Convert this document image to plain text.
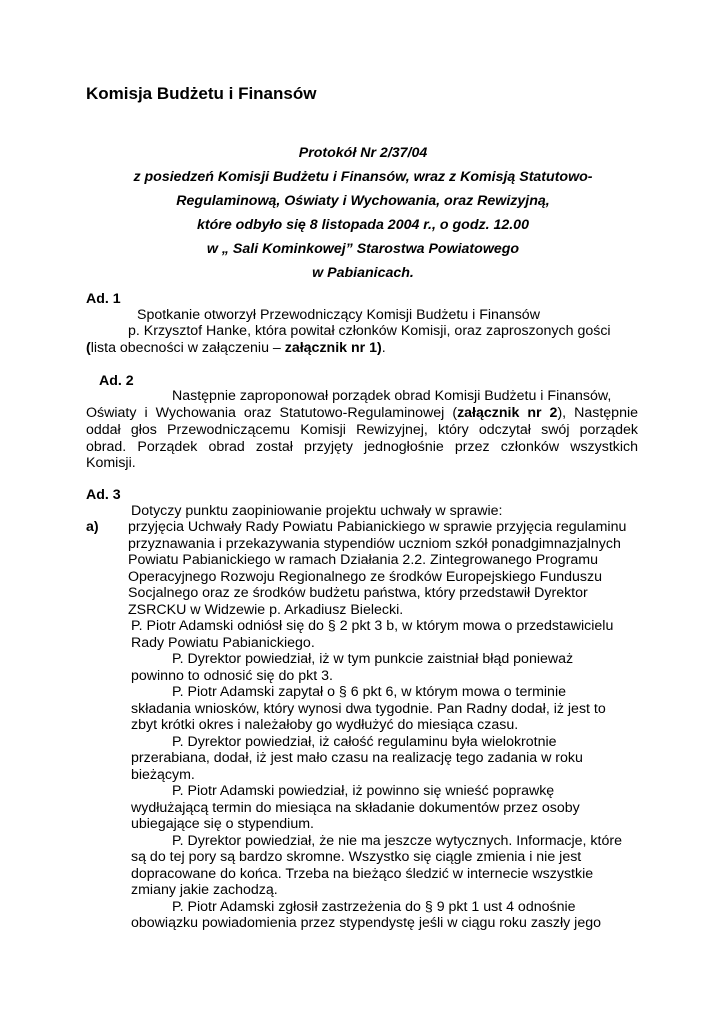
Komisja Budżetu i Finansów
Protokół Nr 2/37/04
z posiedzeń Komisji Budżetu i Finansów, wraz z Komisją Statutowo-
Regulaminową, Oświaty i Wychowania, oraz Rewizyjną,
które odbyło się 8 listopada 2004 r., o godz. 12.00
w „ Sali Kominkowej” Starostwa Powiatowego
w Pabianicach.
Ad. 1
Spotkanie otworzył Przewodniczący Komisji Budżetu i Finansów
p. Krzysztof Hanke, która powitał członków Komisji, oraz zaproszonych gości
(lista obecności w załączeniu – załącznik nr 1).
Ad. 2
Następnie zaproponował porządek obrad Komisji Budżetu i Finansów,
Oświaty i Wychowania oraz Statutowo-Regulaminowej (załącznik nr 2), Następnie
oddał głos Przewodniczącemu Komisji Rewizyjnej, który odczytał swój porządek
obrad. Porządek obrad został przyjęty jednogłośnie przez członków wszystkich
Komisji.
Ad. 3
Dotyczy punktu zaopiniowanie projektu uchwały w sprawie:
a) przyjęcia Uchwały Rady Powiatu Pabianickiego w sprawie przyjęcia regulaminu
przyznawania i przekazywania stypendiów uczniom szkół ponadgimnazjalnych
Powiatu Pabianickiego w ramach Działania 2.2. Zintegrowanego Programu
Operacyjnego Rozwoju Regionalnego ze środków Europejskiego Funduszu
Socjalnego oraz ze środków budżetu państwa, który przedstawił Dyrektor
ZSRCKU w Widzewie p. Arkadiusz Bielecki.
P. Piotr Adamski odniósł się do § 2 pkt 3 b, w którym mowa o przedstawicielu
Rady Powiatu Pabianickiego.
P. Dyrektor powiedział, iż w tym punkcie zaistniał błąd ponieważ
powinno to odnosić się do pkt 3.
P. Piotr Adamski zapytał o § 6 pkt 6, w którym mowa o terminie
składania wniosków, który wynosi dwa tygodnie. Pan Radny dodał, iż jest to
zbyt krótki okres i należałoby go wydłużyć do miesiąca czasu.
P. Dyrektor powiedział, iż całość regulaminu była wielokrotnie
przerabiana, dodał, iż jest mało czasu na realizację tego zadania w roku
bieżącym.
P. Piotr Adamski powiedział, iż powinno się wnieść poprawkę
wydłużającą termin do miesiąca na składanie dokumentów przez osoby
ubiegające się o stypendium.
P. Dyrektor powiedział, że nie ma jeszcze wytycznych. Informacje, które
są do tej pory są bardzo skromne. Wszystko się ciągle zmienia i nie jest
dopracowane do końca. Trzeba na bieżąco śledzić w internecie wszystkie
zmiany jakie zachodzą.
P. Piotr Adamski zgłosił zastrzeżenia do § 9 pkt 1 ust 4 odnośnie
obowiązku powiadomienia przez stypendystę jeśli w ciągu roku zaszły jego
